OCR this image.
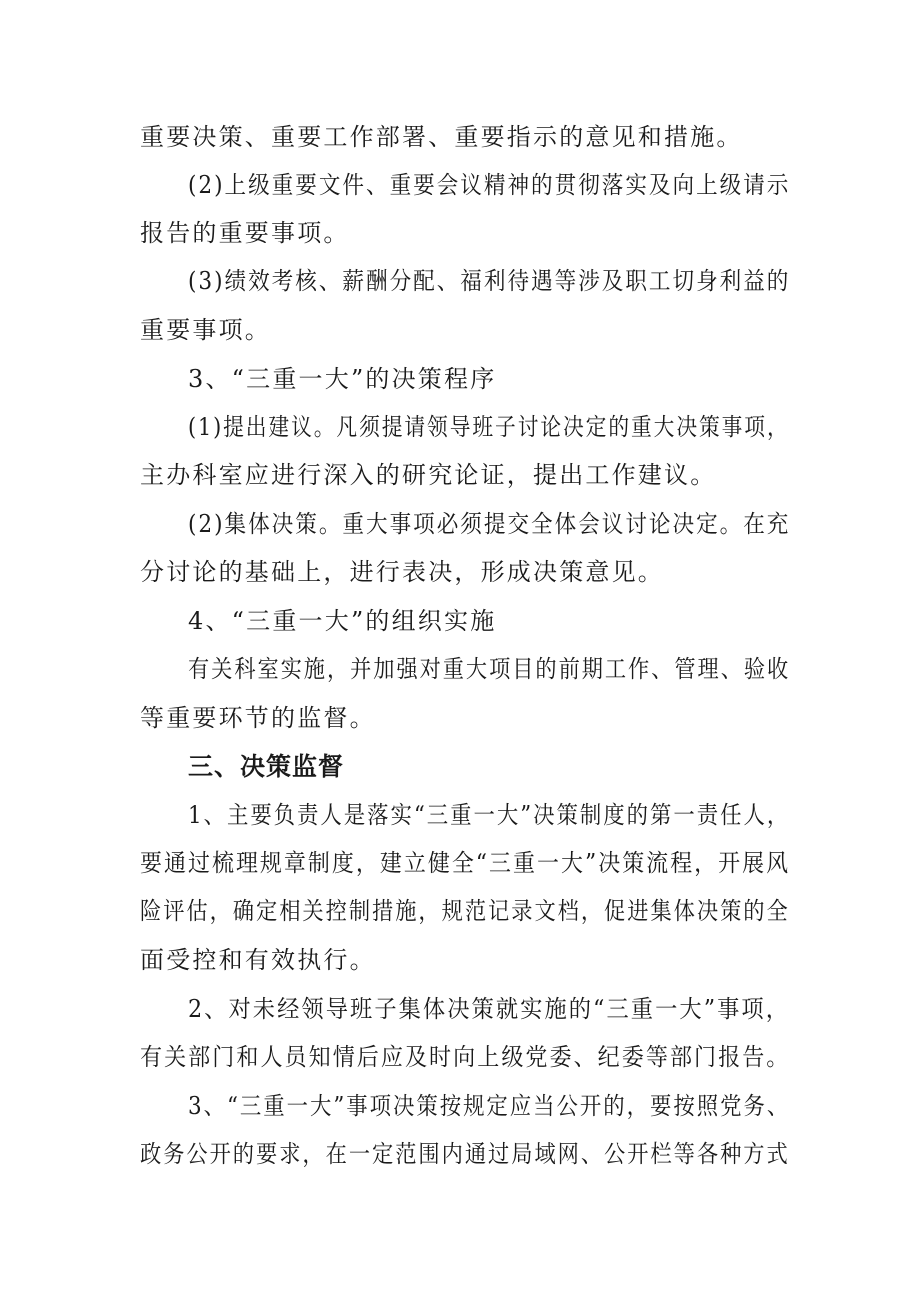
重要决策、重要工作部署、重要指示的意见和措施。
(2)上级重要文件、重要会议精神的贯彻落实及向上级请示
报告的重要事项。
(3)绩效考核、薪酬分配、福利待遇等涉及职工切身利益的
重要事项。
3、“三重一大”的决策程序
(1)提出建议。凡须提请领导班子讨论决定的重大决策事项，
主办科室应进行深入的研究论证，提出工作建议。
(2)集体决策。重大事项必须提交全体会议讨论决定。在充
分讨论的基础上，进行表决，形成决策意见。
4、“三重一大”的组织实施
有关科室实施，并加强对重大项目的前期工作、管理、验收
等重要环节的监督。
三、决策监督
1、主要负责人是落实“三重一大”决策制度的第一责任人，
要通过梳理规章制度，建立健全“三重一大”决策流程，开展风
险评估，确定相关控制措施，规范记录文档，促进集体决策的全
面受控和有效执行。
2、对未经领导班子集体决策就实施的“三重一大”事项，
有关部门和人员知情后应及时向上级党委、纪委等部门报告。
3、“三重一大”事项决策按规定应当公开的，要按照党务、
政务公开的要求，在一定范围内通过局域网、公开栏等各种方式
